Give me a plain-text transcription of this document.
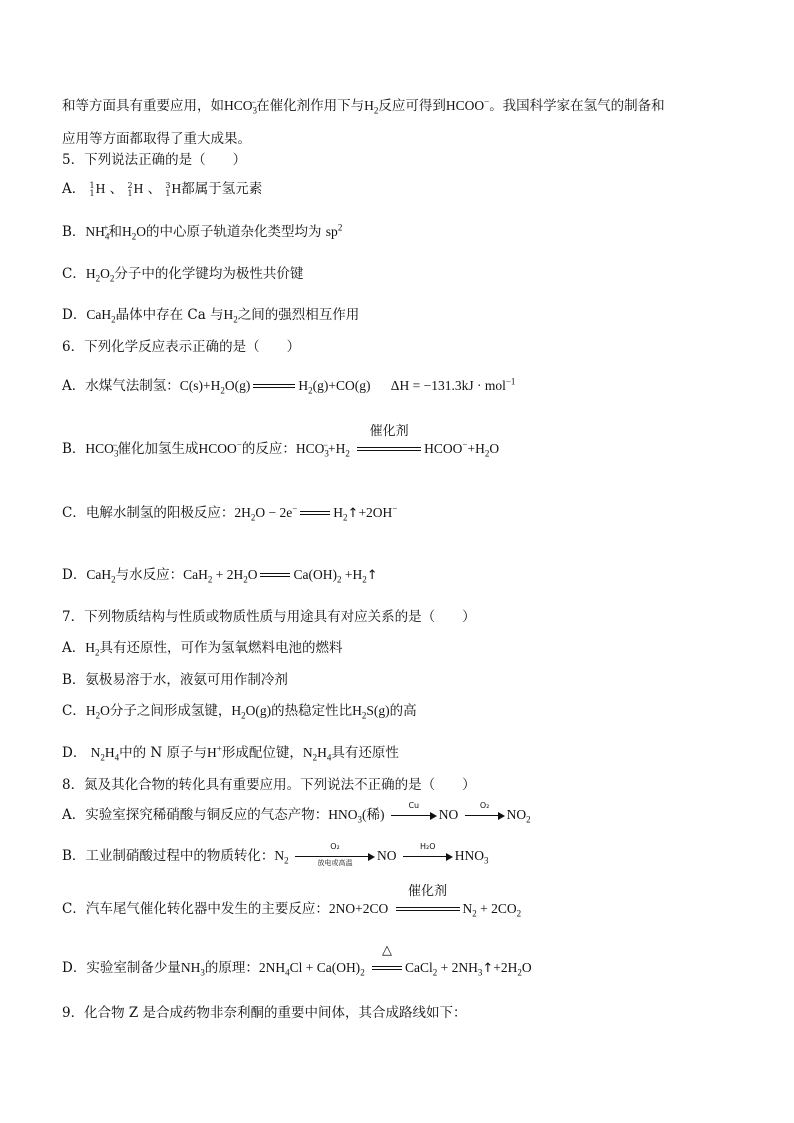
和等方面具有重要应用，如$HCO_3^-$在催化剂作用下与$H_2$反应可得到HCOO−。我国科学家在氢气的制备和
应用等方面都取得了重大成果。
5．下列说法正确的是（　　）
A． 1
1 H 、 2
1 H 、 3
1 H都属于氢元素
B．$NH_4^+$和$H_2O$的中心原子轨道杂化类型均为 $sp^2$
C．$H_2O_2$分子中的化学键均为极性共价键
D．CaH$_2$晶体中存在 Ca 与$H_2$之间的强烈相互作用
6．下列化学反应表示正确的是（　　）
A．水煤气法制氢：$C(s)+H_2O(g)$	$H_2(g)+CO(g) \Delta H = -131.3kJ \cdot mol^{-1}$
B．$HCO_3^-$催化加氢生成HCOO−的反应：$HCO_3^-+H_2$
催化剂
$HCOO^-+H_2O$
C．电解水制氢的阳极反应：$2H_2O - 2e^-$	$H_2↑+2OH^-$
D．CaH$_2$与水反应：$CaH_2 + 2H_2O$	$Ca(OH)_2$ $+H_2↑$
7．下列物质结构与性质或物质性质与用途具有对应关系的是（　　）
A．$H_2$具有还原性，可作为氢氧燃料电池的燃料
B．氨极易溶于水，液氨可用作制冷剂
C．$H_2O$分子之间形成氢键，$H_2O(g)$的热稳定性比$H_2S(g)$的高
D． $N_2H_4$中的 N 原子与H+形成配位键，$N_2H_4$具有还原性
8．氮及其化合物的转化具有重要应用。下列说法不正确的是（　　）
A．实验室探究稀硝酸与铜反应的气态产物：$HNO_3$(稀)
Cu
NO
O₂
$NO_2$
B．工业制硝酸过程中的物质转化：$N_2$
O₂
放电或高温	NO
H₂O
$HNO_3$
C．汽车尾气催化转化器中发生的主要反应：2NO+2CO
催化剂
$N_2 + 2CO_2$
D．实验室制备少量$NH_3$的原理：$2NH_4Cl + Ca(OH)_2$
△
CaCl$_2$ + $2NH_3↑+2H_2O$
9．化合物 Z 是合成药物非奈利酮的重要中间体，其合成路线如下：
